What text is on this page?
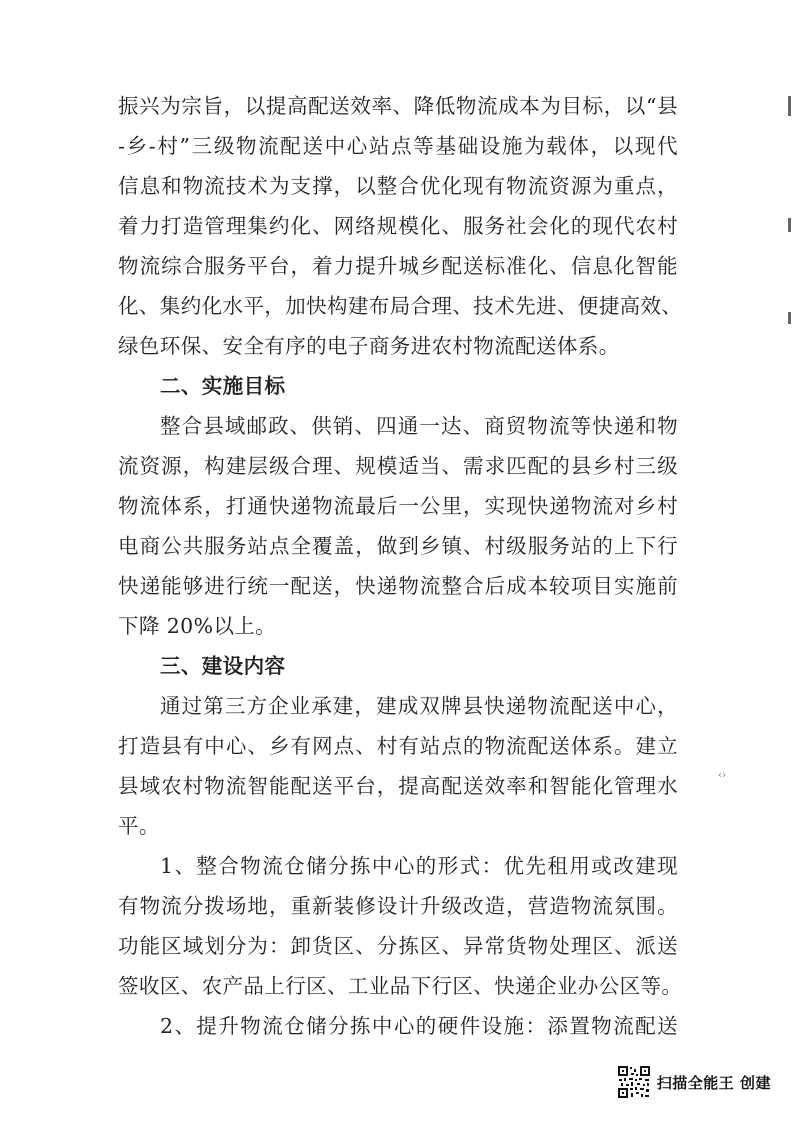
‹›
振兴为宗旨，以提高配送效率、降低物流成本为目标，以“县
-乡-村”三级物流配送中心站点等基础设施为载体，以现代
信息和物流技术为支撑，以整合优化现有物流资源为重点，
着力打造管理集约化、网络规模化、服务社会化的现代农村
物流综合服务平台，着力提升城乡配送标准化、信息化智能
化、集约化水平，加快构建布局合理、技术先进、便捷高效、
绿色环保、安全有序的电子商务进农村物流配送体系。
二、实施目标
整合县域邮政、供销、四通一达、商贸物流等快递和物
流资源，构建层级合理、规模适当、需求匹配的县乡村三级
物流体系，打通快递物流最后一公里，实现快递物流对乡村
电商公共服务站点全覆盖，做到乡镇、村级服务站的上下行
快递能够进行统一配送，快递物流整合后成本较项目实施前
下降 20%以上。
三、建设内容
通过第三方企业承建，建成双牌县快递物流配送中心，
打造县有中心、乡有网点、村有站点的物流配送体系。建立
县域农村物流智能配送平台，提高配送效率和智能化管理水
平。
1、整合物流仓储分拣中心的形式：优先租用或改建现
有物流分拨场地，重新装修设计升级改造，营造物流氛围。
功能区域划分为：卸货区、分拣区、异常货物处理区、派送
签收区、农产品上行区、工业品下行区、快递企业办公区等。
2、提升物流仓储分拣中心的硬件设施：添置物流配送
扫描全能王 创建
